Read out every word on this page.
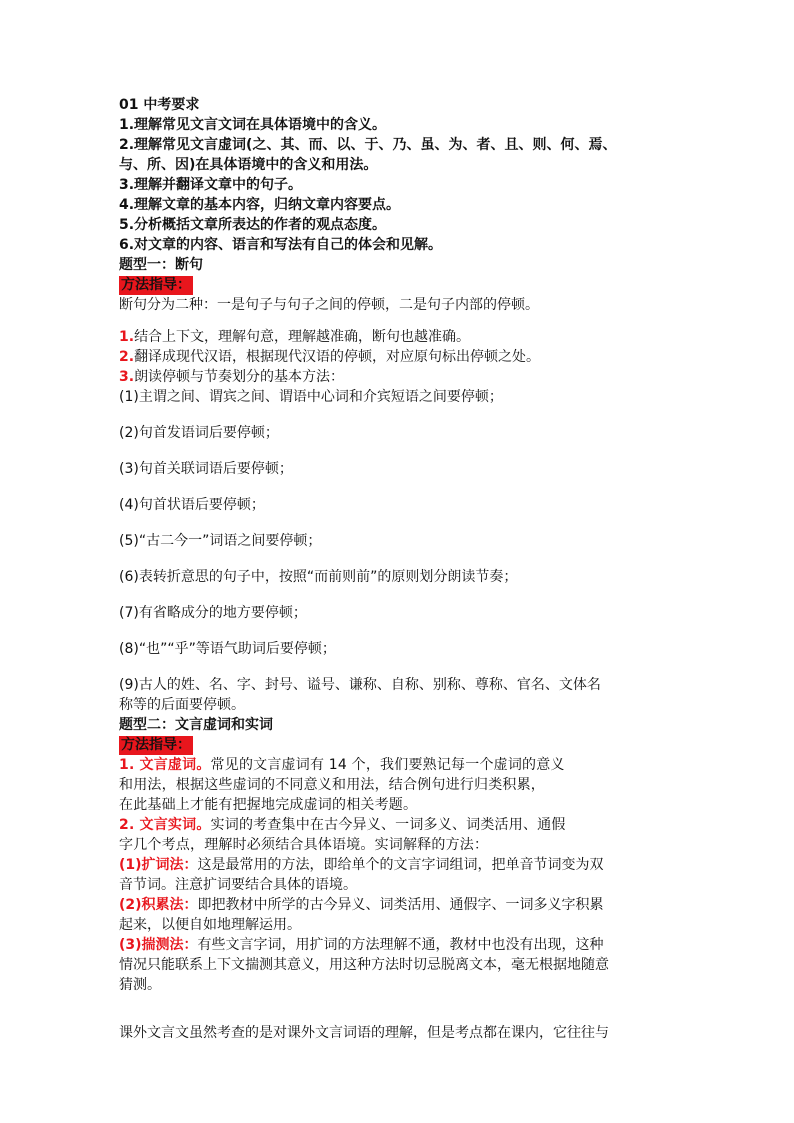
01 中考要求
1.理解常见文言文词在具体语境中的含义。
2.理解常见文言虚词(之、其、而、以、于、乃、虽、为、者、且、则、何、焉、
与、所、因)在具体语境中的含义和用法。
3.理解并翻译文章中的句子。
4.理解文章的基本内容，归纳文章内容要点。
5.分析概括文章所表达的作者的观点态度。
6.对文章的内容、语言和写法有自己的体会和见解。
题型一：断句
方法指导：
断句分为二种：一是句子与句子之间的停顿，二是句子内部的停顿。
1.结合上下文，理解句意，理解越准确，断句也越准确。
2.翻译成现代汉语，根据现代汉语的停顿，对应原句标出停顿之处。
3.朗读停顿与节奏划分的基本方法：
(1)主谓之间、谓宾之间、谓语中心词和介宾短语之间要停顿；
(2)句首发语词后要停顿；
(3)句首关联词语后要停顿；
(4)句首状语后要停顿；
(5)“古二今一”词语之间要停顿；
(6)表转折意思的句子中，按照“而前则前”的原则划分朗读节奏；
(7)有省略成分的地方要停顿；
(8)“也”“乎”等语气助词后要停顿；
(9)古人的姓、名、字、封号、谥号、谦称、自称、别称、尊称、官名、文体名
称等的后面要停顿。
题型二：文言虚词和实词
方法指导：
1. 文言虚词。常见的文言虚词有 14 个，我们要熟记每一个虚词的意义
和用法，根据这些虚词的不同意义和用法，结合例句进行归类积累，
在此基础上才能有把握地完成虚词的相关考题。
2. 文言实词。实词的考查集中在古今异义、一词多义、词类活用、通假
字几个考点，理解时必须结合具体语境。实词解释的方法：
(1)扩词法：这是最常用的方法，即给单个的文言字词组词，把单音节词变为双
音节词。注意扩词要结合具体的语境。
(2)积累法：即把教材中所学的古今异义、词类活用、通假字、一词多义字积累
起来，以便自如地理解运用。
(3)揣测法：有些文言字词，用扩词的方法理解不通，教材中也没有出现，这种
情况只能联系上下文揣测其意义，用这种方法时切忌脱离文本，毫无根据地随意
猜测。
课外文言文虽然考查的是对课外文言词语的理解，但是考点都在课内，它往往与
